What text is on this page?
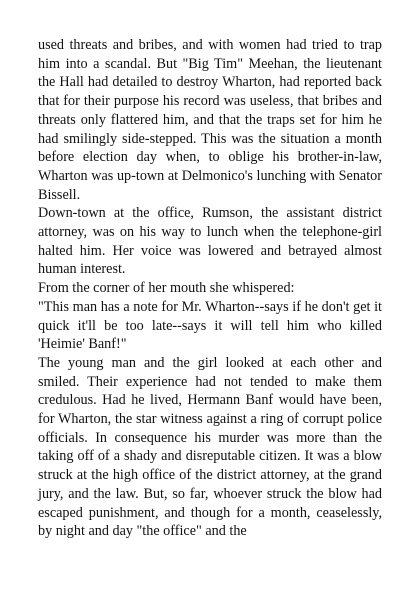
used threats and bribes, and with women had tried to trap him into a scandal. But "Big Tim" Meehan, the lieutenant the Hall had detailed to destroy Wharton, had reported back that for their purpose his record was useless, that bribes and threats only flattered him, and that the traps set for him he had smilingly side-stepped. This was the situation a month before election day when, to oblige his brother-in-law, Wharton was up-town at Delmonico's lunching with Senator Bissell.

Down-town at the office, Rumson, the assistant district attorney, was on his way to lunch when the telephone-girl halted him. Her voice was lowered and betrayed almost human interest.

From the corner of her mouth she whispered:

"This man has a note for Mr. Wharton--says if he don't get it quick it'll be too late--says it will tell him who killed 'Heimie' Banf!"

The young man and the girl looked at each other and smiled. Their experience had not tended to make them credulous. Had he lived, Hermann Banf would have been, for Wharton, the star witness against a ring of corrupt police officials. In consequence his murder was more than the taking off of a shady and disreputable citizen. It was a blow struck at the high office of the district attorney, at the grand jury, and the law. But, so far, whoever struck the blow had escaped punishment, and though for a month, ceaselessly, by night and day "the office" and the
